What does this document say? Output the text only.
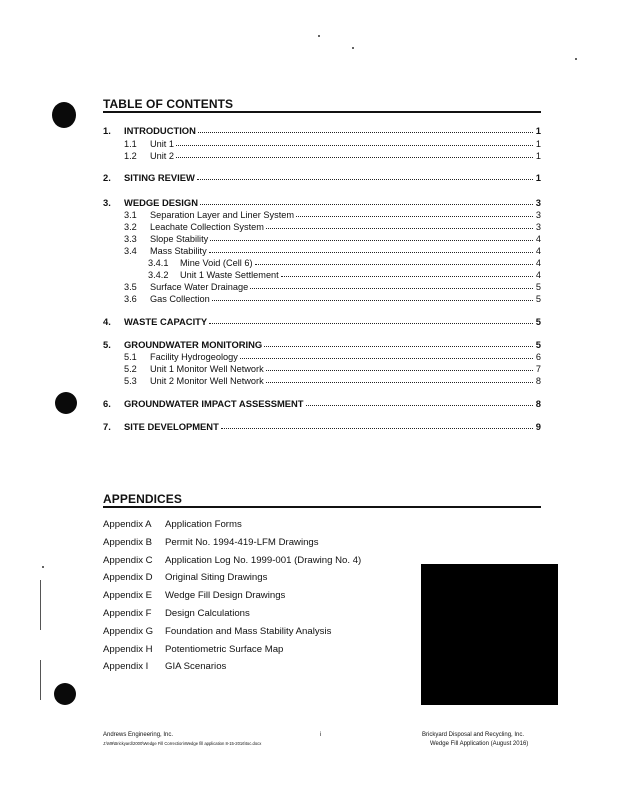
TABLE OF CONTENTS
1.	INTRODUCTION	1
1.1	Unit 1	1
1.2	Unit 2	1
2.	SITING REVIEW	1
3.	WEDGE DESIGN	3
3.1	Separation Layer and Liner System	3
3.2	Leachate Collection System	3
3.3	Slope Stability	4
3.4	Mass Stability	4
3.4.1	Mine Void (Cell 6)	4
3.4.2	Unit 1 Waste Settlement	4
3.5	Surface Water Drainage	5
3.6	Gas Collection	5
4.	WASTE CAPACITY	5
5.	GROUNDWATER MONITORING	5
5.1	Facility Hydrogeology	6
5.2	Unit 1 Monitor Well Network	7
5.3	Unit 2 Monitor Well Network	8
6.	GROUNDWATER IMPACT ASSESSMENT	8
7.	SITE DEVELOPMENT	9
APPENDICES
Appendix A Application Forms
Appendix B Permit No. 1994-419-LFM Drawings
Appendix C Application Log No. 1999-001 (Drawing No. 4)
Appendix D Original Siting Drawings
Appendix E Wedge Fill Design Drawings
Appendix F Design Calculations
Appendix G Foundation and Mass Stability Analysis
Appendix H Potentiometric Surface Map
Appendix I GIA Scenarios
Andrews Engineering, Inc.
J:\M9\Brickyard\2000\Wedge Fill Correction\Wedge fill application 8-15-2016\toc.docx
i	Brickyard Disposal and Recycling, Inc.
Wedge Fill Application (August 2016)
